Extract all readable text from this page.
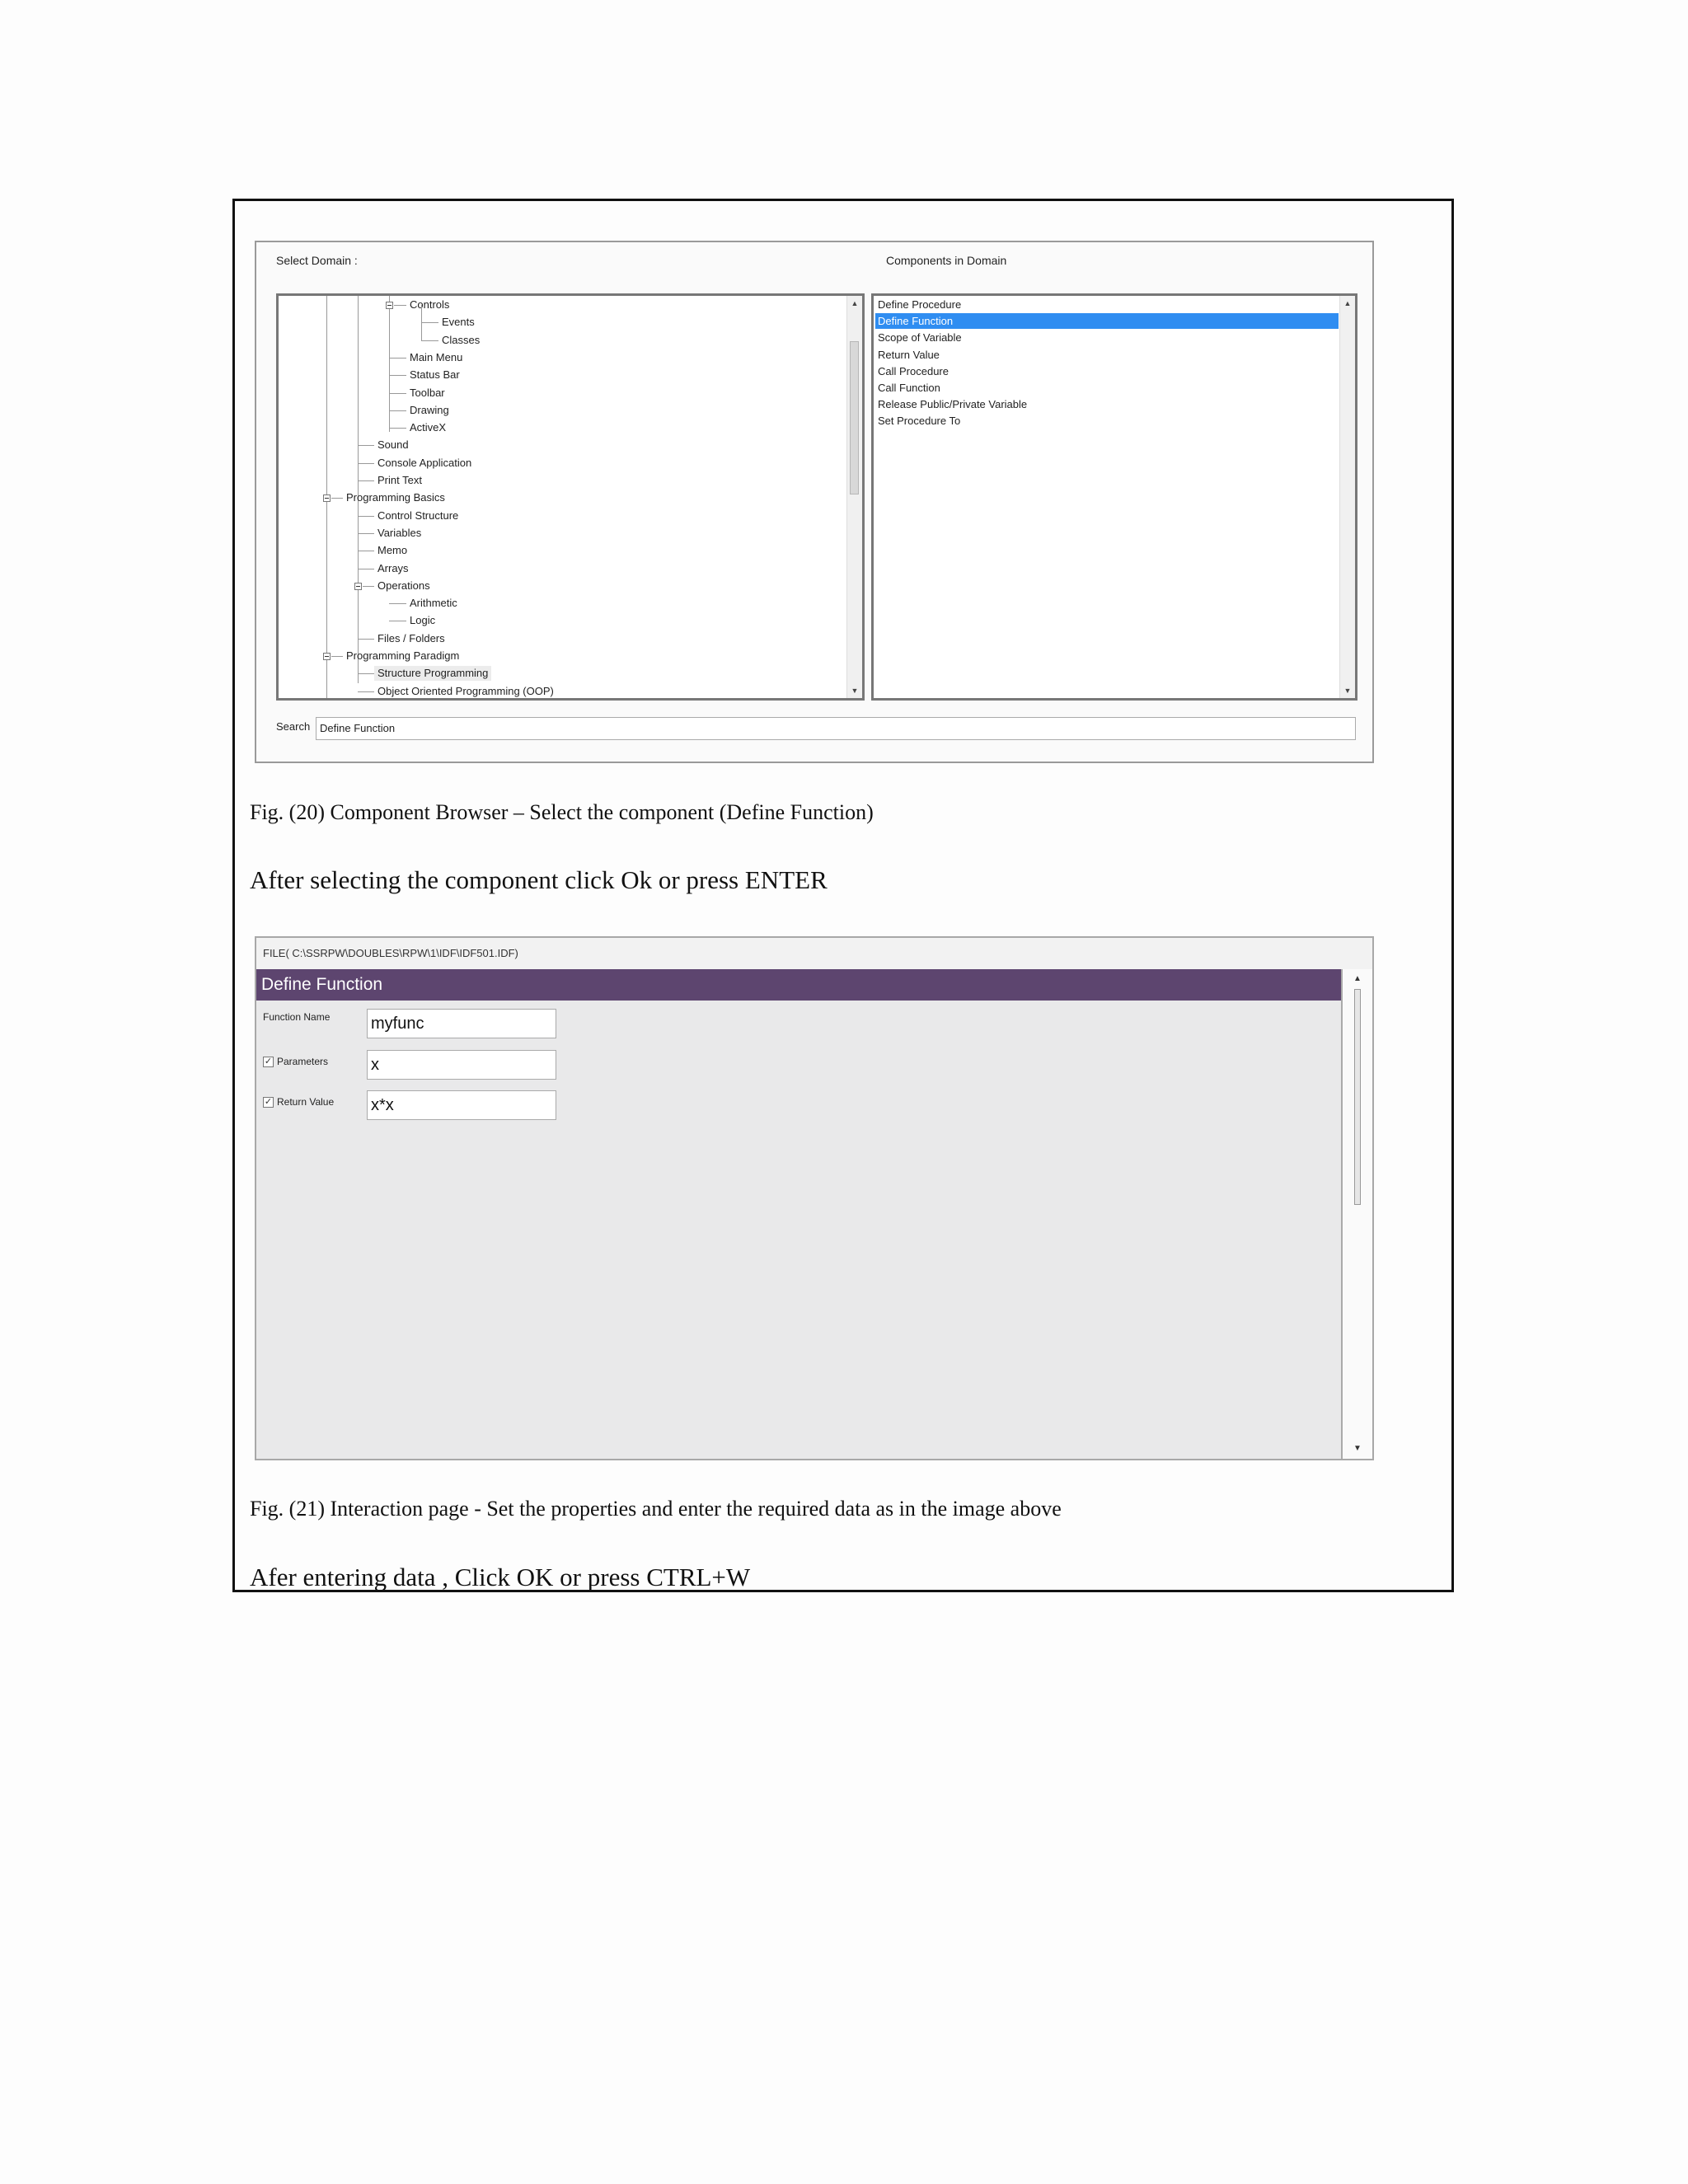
Select Domain :	Components in Domain
▲
▼
Controls
Events
Classes
Main Menu
Status Bar
Toolbar
Drawing
ActiveX
Sound
Console Application
Print Text
Programming Basics
Control Structure
Variables
Memo
Arrays
Operations
Arithmetic
Logic
Files / Folders
Programming Paradigm
Structure Programming
Object Oriented Programming (OOP)
▲
▼
Define Procedure
Define Function
Scope of Variable
Return Value
Call Procedure
Call Function
Release Public/Private Variable
Set Procedure To
Search Define Function
Fig. (20) Component Browser – Select the component (Define Function)
After selecting the component click Ok or press ENTER
FILE( C:\SSRPW\DOUBLES\RPW\1\IDF\IDF501.IDF)
Define Function
Function Name myfunc
✓ Parameters	x
✓ Return Value x*x
▲
▼
Fig. (21) Interaction page - Set the properties and enter the required data as in the image above
Afer entering data , Click OK or press CTRL+W
